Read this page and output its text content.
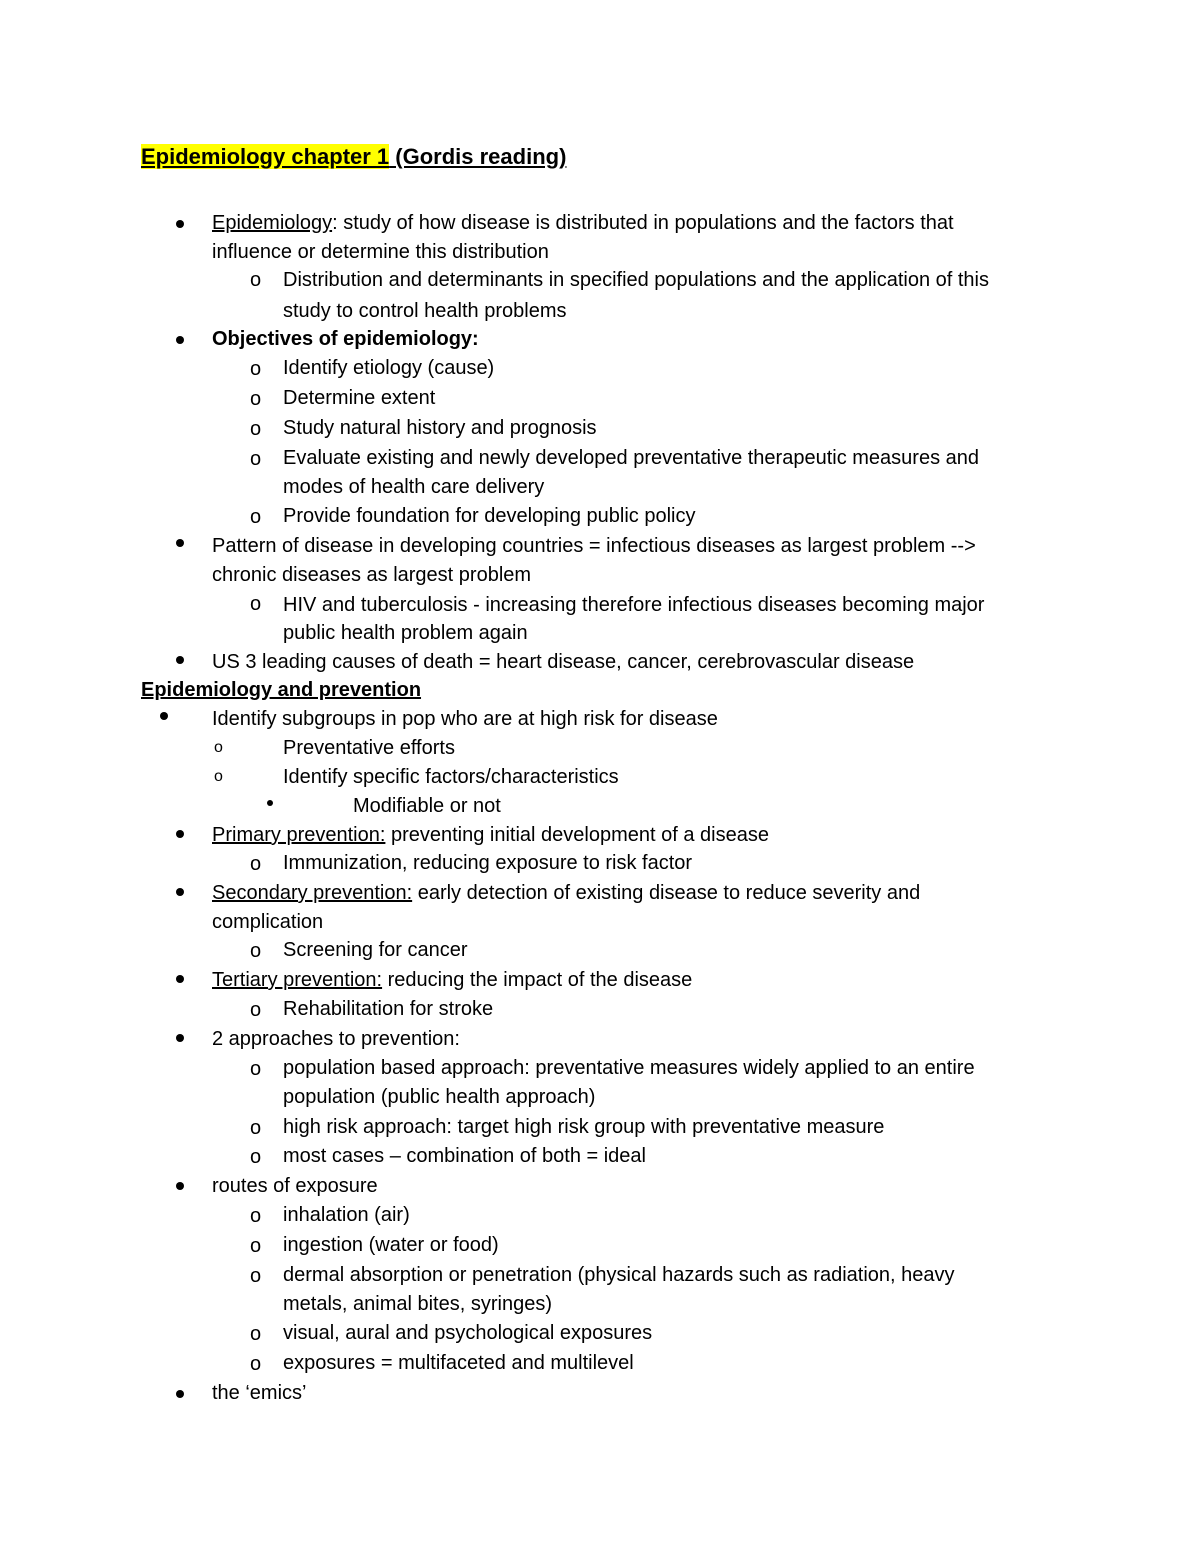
Epidemiology chapter 1 (Gordis reading)
Epidemiology: study of how disease is distributed in populations and the factors that
influence or determine this distribution
o Distribution and determinants in specified populations and the application of this
study to control health problems
Objectives of epidemiology:
o Identify etiology (cause)
o Determine extent
o Study natural history and prognosis
o Evaluate existing and newly developed preventative therapeutic measures and
modes of health care delivery
o Provide foundation for developing public policy
Pattern of disease in developing countries = infectious diseases as largest problem -->
chronic diseases as largest problem
o HIV and tuberculosis - increasing therefore infectious diseases becoming major
public health problem again
US 3 leading causes of death = heart disease, cancer, cerebrovascular disease
Epidemiology and prevention
Identify subgroups in pop who are at high risk for disease
o	Preventative efforts
o	Identify specific factors/characteristics
Modifiable or not
Primary prevention: preventing initial development of a disease
o Immunization, reducing exposure to risk factor
Secondary prevention: early detection of existing disease to reduce severity and
complication
o Screening for cancer
Tertiary prevention: reducing the impact of the disease
o Rehabilitation for stroke
2 approaches to prevention:
o population based approach: preventative measures widely applied to an entire
population (public health approach)
o high risk approach: target high risk group with preventative measure
o most cases – combination of both = ideal
routes of exposure
o inhalation (air)
o ingestion (water or food)
o dermal absorption or penetration (physical hazards such as radiation, heavy
metals, animal bites, syringes)
o visual, aural and psychological exposures
o exposures = multifaceted and multilevel
the ‘emics’
